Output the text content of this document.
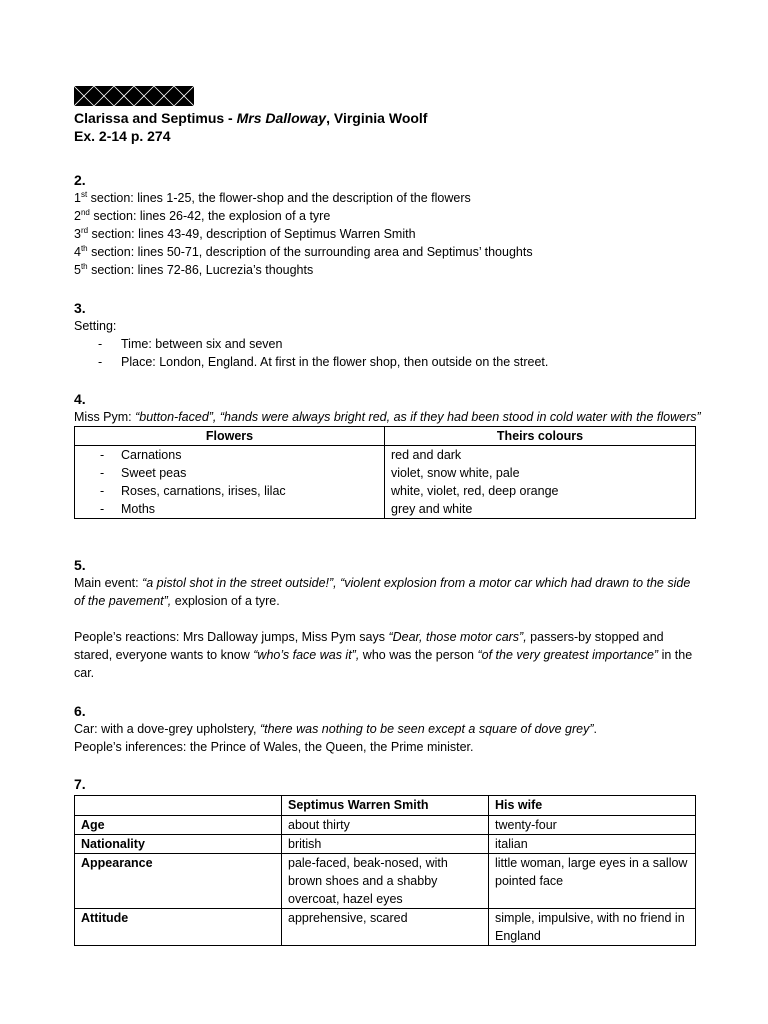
Clarissa and Septimus - Mrs Dalloway, Virginia Woolf
Ex. 2-14 p. 274
2.
1st section: lines 1-25, the flower-shop and the description of the flowers
2nd section: lines 26-42, the explosion of a tyre
3rd section: lines 43-49, description of Septimus Warren Smith
4th section: lines 50-71, description of the surrounding area and Septimus’ thoughts
5th section: lines 72-86, Lucrezia’s thoughts
3.
Setting:
- Time: between six and seven
- Place: London, England. At first in the flower shop, then outside on the street.
4.
Miss Pym: “button-faced”, “hands were always bright red, as if they had been stood in cold water with the flowers”
Flowers	Theirs colours

- Carnations	red and dark

- Sweet peas	violet, snow white, pale

- Roses, carnations, irises, lilac	white, violet, red, deep orange

- Moths	grey and white
5.
Main event: “a pistol shot in the street outside!”, “violent explosion from a motor car which had drawn to the side of the pavement”, explosion of a tyre.
People’s reactions: Mrs Dalloway jumps, Miss Pym says “Dear, those motor cars”, passers-by stopped and stared, everyone wants to know “who’s face was it”, who was the person “of the very greatest importance” in the car.
6.
Car: with a dove-grey upholstery, “there was nothing to be seen except a square of dove grey”.
People’s inferences: the Prince of Wales, the Queen, the Prime minister.
7.
	Septimus Warren Smith	His wife
Age	about thirty	twenty-four
Nationality	british	italian
Appearance	pale-faced, beak-nosed, with brown shoes and a shabby overcoat, hazel eyes	little woman, large eyes in a sallow pointed face
Attitude	apprehensive, scared	simple, impulsive, with no friend in England
